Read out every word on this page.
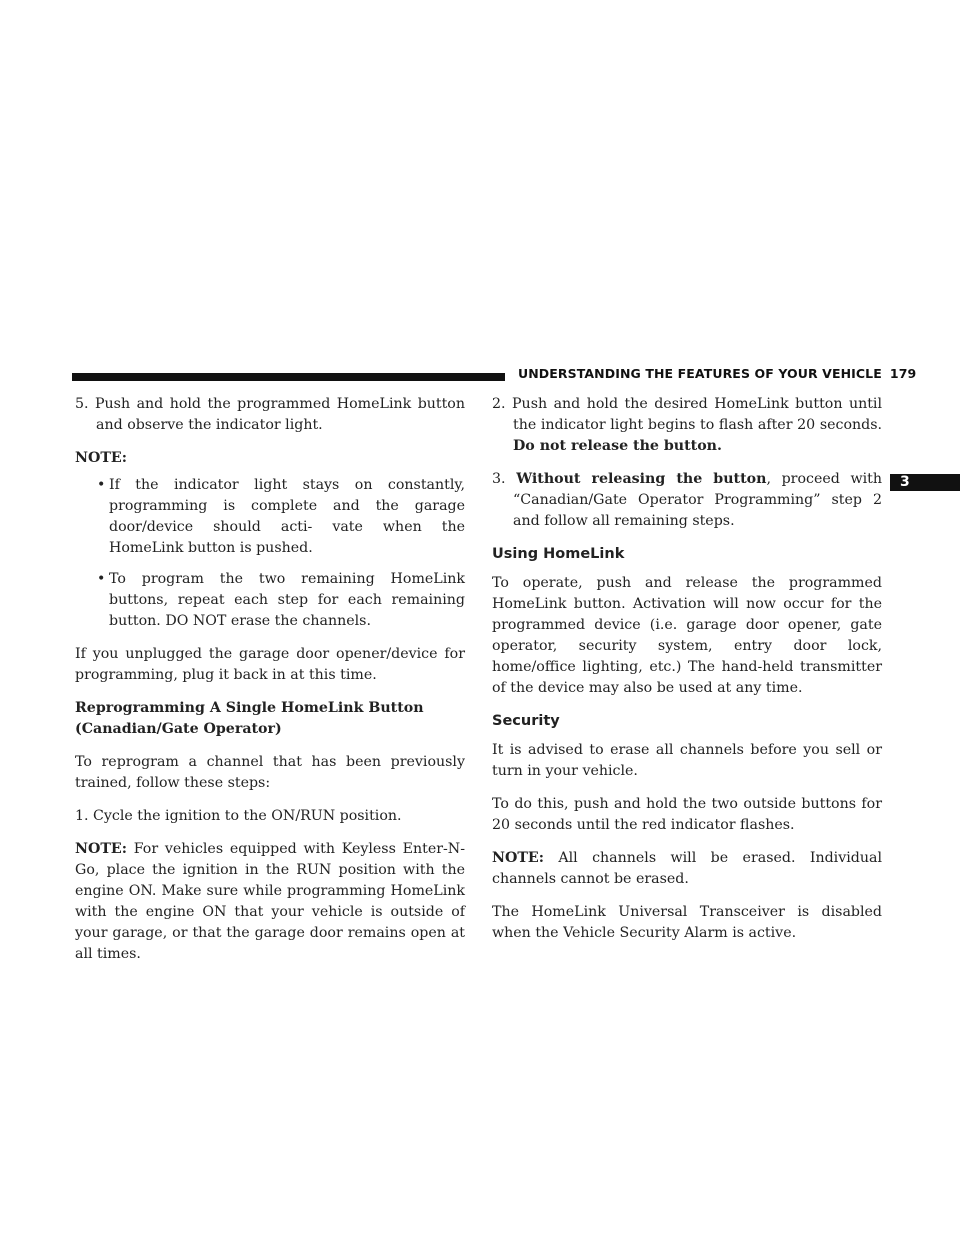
UNDERSTANDING THE FEATURES OF YOUR VEHICLE 179
3

5. Push and hold the programmed HomeLink button and observe the indicator light.

NOTE:

• If the indicator light stays on constantly, programming is complete and the garage door/device should acti- vate when the HomeLink button is pushed.
• To program the two remaining HomeLink buttons, repeat each step for each remaining button. DO NOT erase the channels.

If you unplugged the garage door opener/device for programming, plug it back in at this time.

Reprogramming A Single HomeLink Button
(Canadian/Gate Operator)

To reprogram a channel that has been previously trained, follow these steps:

1. Cycle the ignition to the ON/RUN position.

NOTE: For vehicles equipped with Keyless Enter-N-Go, place the ignition in the RUN position with the engine ON. Make sure while programming HomeLink with the engine ON that your vehicle is outside of your garage, or that the garage door remains open at all times.

2. Push and hold the desired HomeLink button until the indicator light begins to flash after 20 seconds. Do not release the button.

3. Without releasing the button, proceed with “Canadian/Gate Operator Programming” step 2 and follow all remaining steps.

Using HomeLink

To operate, push and release the programmed HomeLink button. Activation will now occur for the programmed device (i.e. garage door opener, gate operator, security system, entry door lock, home/office lighting, etc.) The hand-held transmitter of the device may also be used at any time.

Security

It is advised to erase all channels before you sell or turn in your vehicle.

To do this, push and hold the two outside buttons for 20 seconds until the red indicator flashes.

NOTE: All channels will be erased. Individual channels cannot be erased.

The HomeLink Universal Transceiver is disabled when the Vehicle Security Alarm is active.
